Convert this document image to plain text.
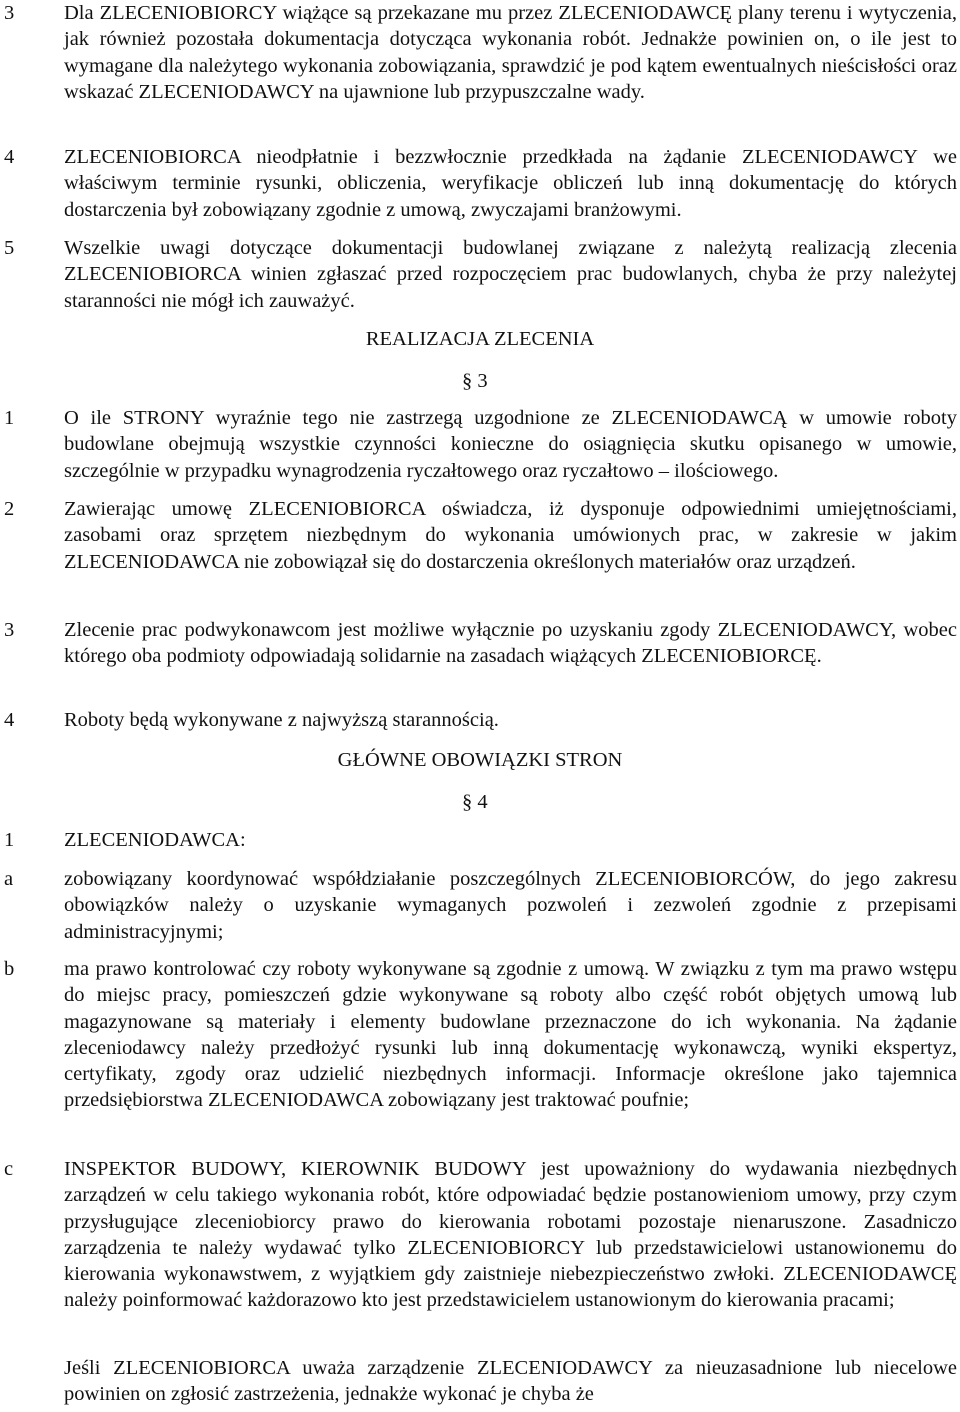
3 Dla ZLECENIOBIORCY wiążące są przekazane mu przez ZLECENIODAWCĘ plany terenu i wytyczenia, jak również pozostała dokumentacja dotycząca wykonania robót. Jednakże powinien on, o ile jest to wymagane dla należytego wykonania zobowiązania, sprawdzić je pod kątem ewentualnych nieścisłości oraz wskazać ZLECENIODAWCY na ujawnione lub przypuszczalne wady.
4 ZLECENIOBIORCA nieodpłatnie i bezzwłocznie przedkłada na żądanie ZLECENIODAWCY we właściwym terminie rysunki, obliczenia, weryfikacje obliczeń lub inną dokumentację do których dostarczenia był zobowiązany zgodnie z umową, zwyczajami branżowymi.
5 Wszelkie uwagi dotyczące dokumentacji budowlanej związane z należytą realizacją zlecenia ZLECENIOBIORCA winien zgłaszać przed rozpoczęciem prac budowlanych, chyba że przy należytej staranności nie mógł ich zauważyć.
REALIZACJA ZLECENIA
§ 3
1 O ile STRONY wyraźnie tego nie zastrzegą uzgodnione ze ZLECENIODAWCĄ w umowie roboty budowlane obejmują wszystkie czynności konieczne do osiągnięcia skutku opisanego w umowie, szczególnie w przypadku wynagrodzenia ryczałtowego oraz ryczałtowo – ilościowego.
2 Zawierając umowę ZLECENIOBIORCA oświadcza, iż dysponuje odpowiednimi umiejętnościami, zasobami oraz sprzętem niezbędnym do wykonania umówionych prac, w zakresie w jakim ZLECENIODAWCA nie zobowiązał się do dostarczenia określonych materiałów oraz urządzeń.
3 Zlecenie prac podwykonawcom jest możliwe wyłącznie po uzyskaniu zgody ZLECENIODAWCY, wobec którego oba podmioty odpowiadają solidarnie na zasadach wiążących ZLECENIOBIORCĘ.
4 Roboty będą wykonywane z najwyższą starannością.
GŁÓWNE OBOWIĄZKI STRON
§ 4
1 ZLECENIODAWCA:
a zobowiązany koordynować współdziałanie poszczególnych ZLECENIOBIORCÓW, do jego zakresu obowiązków należy o uzyskanie wymaganych pozwoleń i zezwoleń zgodnie z przepisami administracyjnymi;
b ma prawo kontrolować czy roboty wykonywane są zgodnie z umową. W związku z tym ma prawo wstępu do miejsc pracy, pomieszczeń gdzie wykonywane są roboty albo część robót objętych umową lub magazynowane są materiały i elementy budowlane przeznaczone do ich wykonania. Na żądanie zleceniodawcy należy przedłożyć rysunki lub inną dokumentację wykonawczą, wyniki ekspertyz, certyfikaty, zgody oraz udzielić niezbędnych informacji. Informacje określone jako tajemnica przedsiębiorstwa ZLECENIODAWCA zobowiązany jest traktować poufnie;
c INSPEKTOR BUDOWY, KIEROWNIK BUDOWY jest upoważniony do wydawania niezbędnych zarządzeń w celu takiego wykonania robót, które odpowiadać będzie postanowieniom umowy, przy czym przysługujące zleceniobiorcy prawo do kierowania robotami pozostaje nienaruszone. Zasadniczo zarządzenia te należy wydawać tylko ZLECENIOBIORCY lub przedstawicielowi ustanowionemu do kierowania wykonawstwem, z wyjątkiem gdy zaistnieje niebezpieczeństwo zwłoki. ZLECENIODAWCĘ należy poinformować każdorazowo kto jest przedstawicielem ustanowionym do kierowania pracami;
Jeśli ZLECENIOBIORCA uważa zarządzenie ZLECENIODAWCY za nieuzasadnione lub niecelowe powinien on zgłosić zastrzeżenia, jednakże wykonać je chyba że
